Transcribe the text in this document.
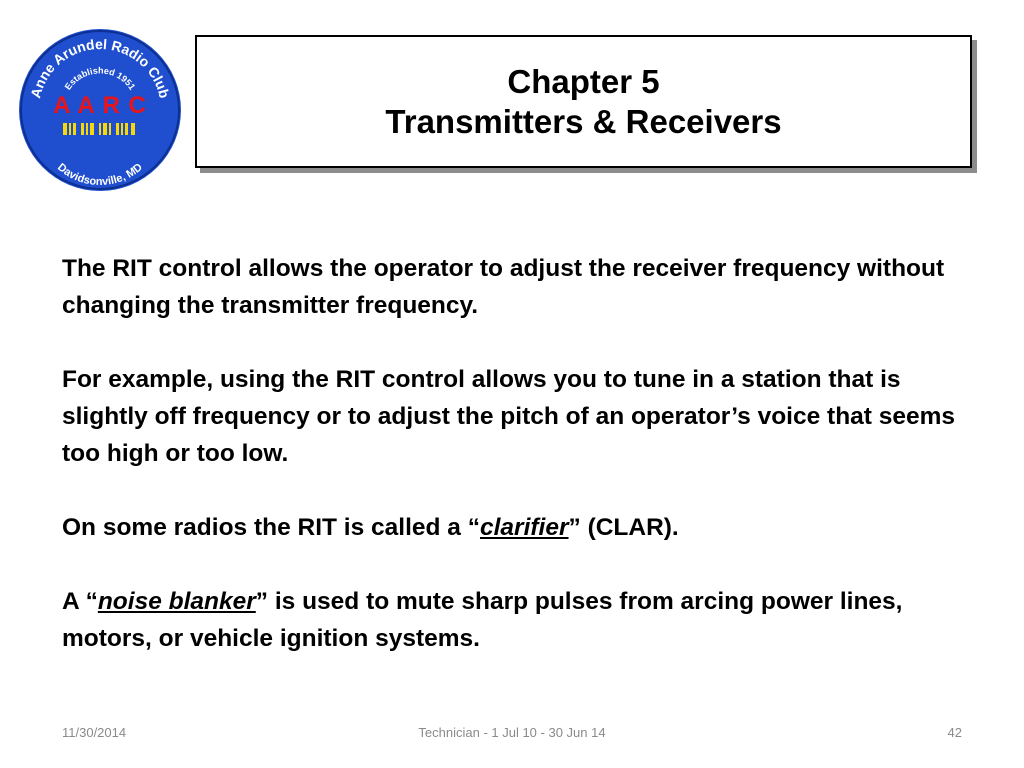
Anne Arundel Radio Club
Established 1951
A A R C
Davidsonville, MD
Chapter 5
Transmitters & Receivers

The RIT control allows the operator to adjust the receiver frequency without changing the transmitter frequency.

For example, using the RIT control allows you to tune in a station that is slightly off frequency or to adjust the pitch of an operator’s voice that seems too high or too low.

On some radios the RIT is called a “clarifier” (CLAR).

A “noise blanker” is used to mute sharp pulses from arcing power lines, motors, or vehicle ignition systems.

11/30/2014	Technician - 1 Jul 10 - 30 Jun 14	42
